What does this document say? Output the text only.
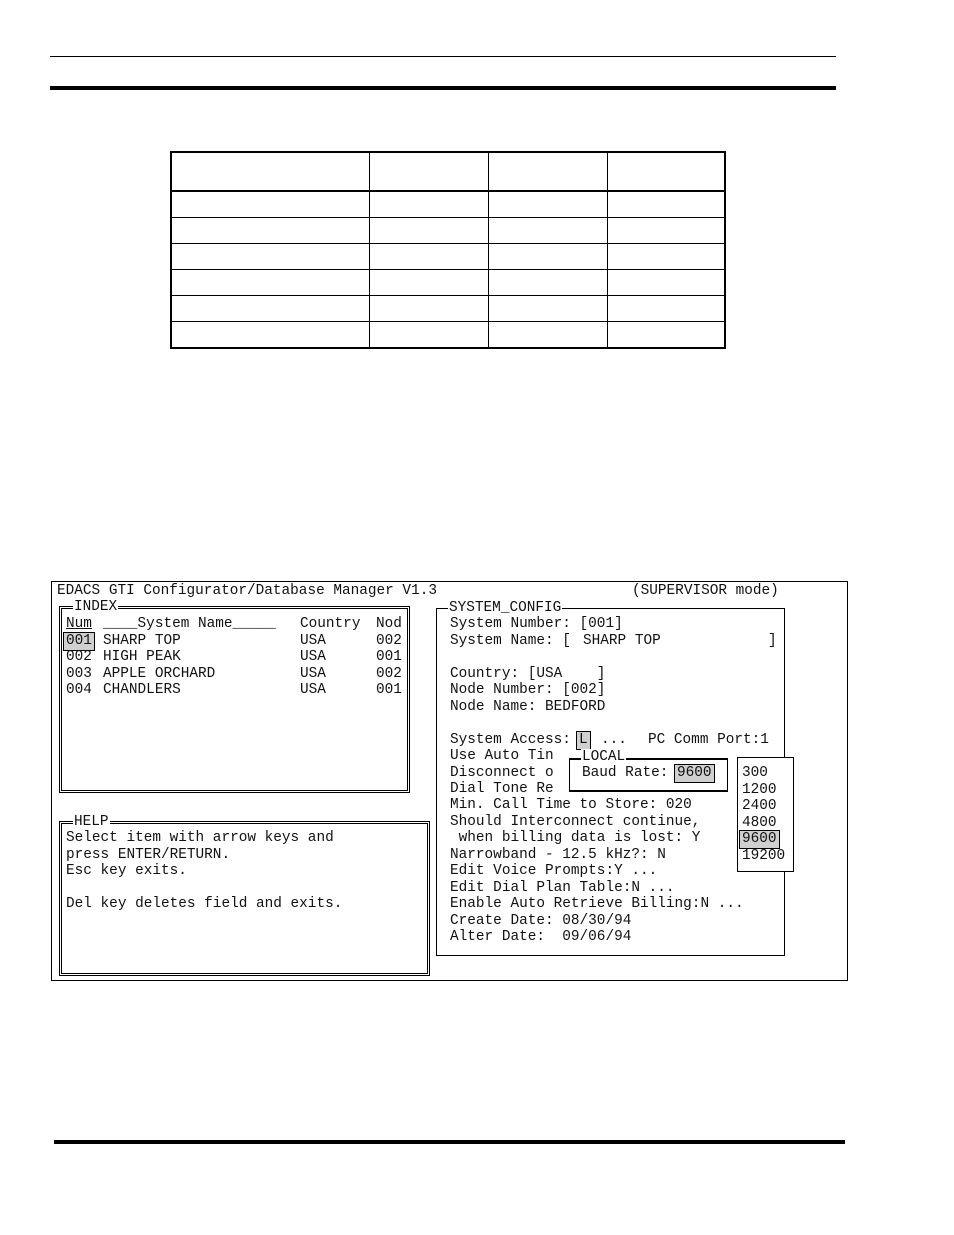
EDACS GTI Configurator/Database Manager V1.3	(SUPERVISOR mode)
INDEX
Num ____System Name_____ Country Nod
001 SHARP TOP	USA	002
002 HIGH PEAK	USA	001
003 APPLE ORCHARD	USA	002
004 CHANDLERS	USA	001
HELP
Select item with arrow keys and
press ENTER/RETURN.
Esc key exits.
Del key deletes field and exits.
SYSTEM_CONFIG
System Number: [001]
System Name: [ SHARP TOP	]
Country: [USA    ]
Node Number: [002]
Node Name: BEDFORD
System Access: L ... PC Comm Port:1
Use Auto Tin
Disconnect o
Dial Tone Re
Min. Call Time to Store: 020
Should Interconnect continue,
when billing data is lost: Y
Narrowband - 12.5 kHz?: N
Edit Voice Prompts:Y ...
Edit Dial Plan Table:N ...
Enable Auto Retrieve Billing:N ...
Create Date: 08/30/94
Alter Date:  09/06/94
LOCAL
Baud Rate: 9600 300
1200
2400
4800
9600
19200
